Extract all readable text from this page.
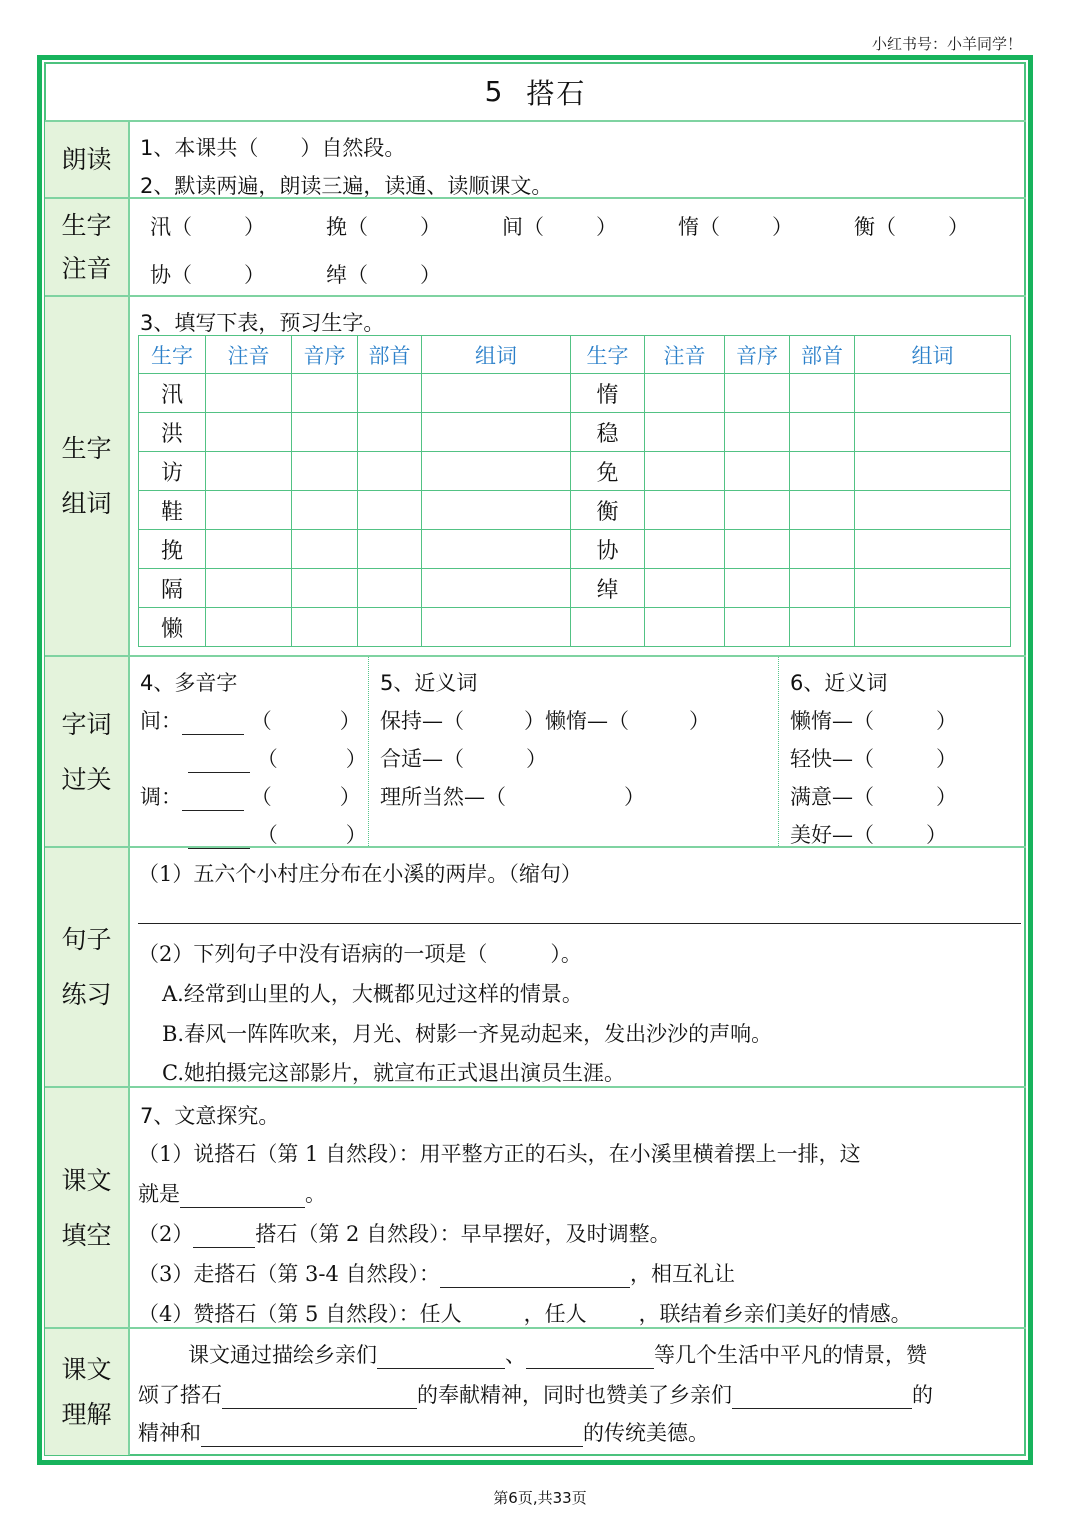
小红书号：小羊同学！
5 搭石
朗读 1、本课共（　　）自然段。
2、默读两遍，朗读三遍，读通、读顺课文。
生字
注音
汛（ ）	挽（ ）	间（ ）	惰（ ）	衡（ ）
协（ ）	绰（ ）
生字
组词
3、填写下表，预习生字。
生字	注音	音序	部首	组词	生字	注音	音序	部首	组词
汛					惰				
洪					稳				
访					免				
鞋					衡				
挽					协				
隔					绰				
懒									
字词
过关
4、多音字
间：	（	）
（	）
调：	（	）
（	）
5、近义词
保持—（	）懒惰—（	）
合适—（	）
理所当然—（	）
6、近义词
懒惰—（	）
轻快—（	）
满意—（	）
美好—（ ）
句子
练习
（1）五六个小村庄分布在小溪的两岸。（缩句）
（2）下列句子中没有语病的一项是（　　　）。
A.经常到山里的人，大概都见过这样的情景。
B.春风一阵阵吹来，月光、树影一齐晃动起来，发出沙沙的声响。
C.她拍摄完这部影片，就宣布正式退出演员生涯。
课文
填空
7、文意探究。
（1）说搭石（第 1 自然段）：用平整方正的石头，在小溪里横着摆上一排，这
就是	。
（2）	搭石（第 2 自然段）：早早摆好，及时调整。
（3）走搭石（第 3-4 自然段）：	，相互礼让
（4）赞搭石（第 5 自然段）：任人	，任人 ，联结着乡亲们美好的情感。
课文
理解
课文通过描绘乡亲们	、	等几个生活中平凡的情景，赞
颂了搭石	的奉献精神，同时也赞美了乡亲们	的
精神和	的传统美德。
第6页,共33页
